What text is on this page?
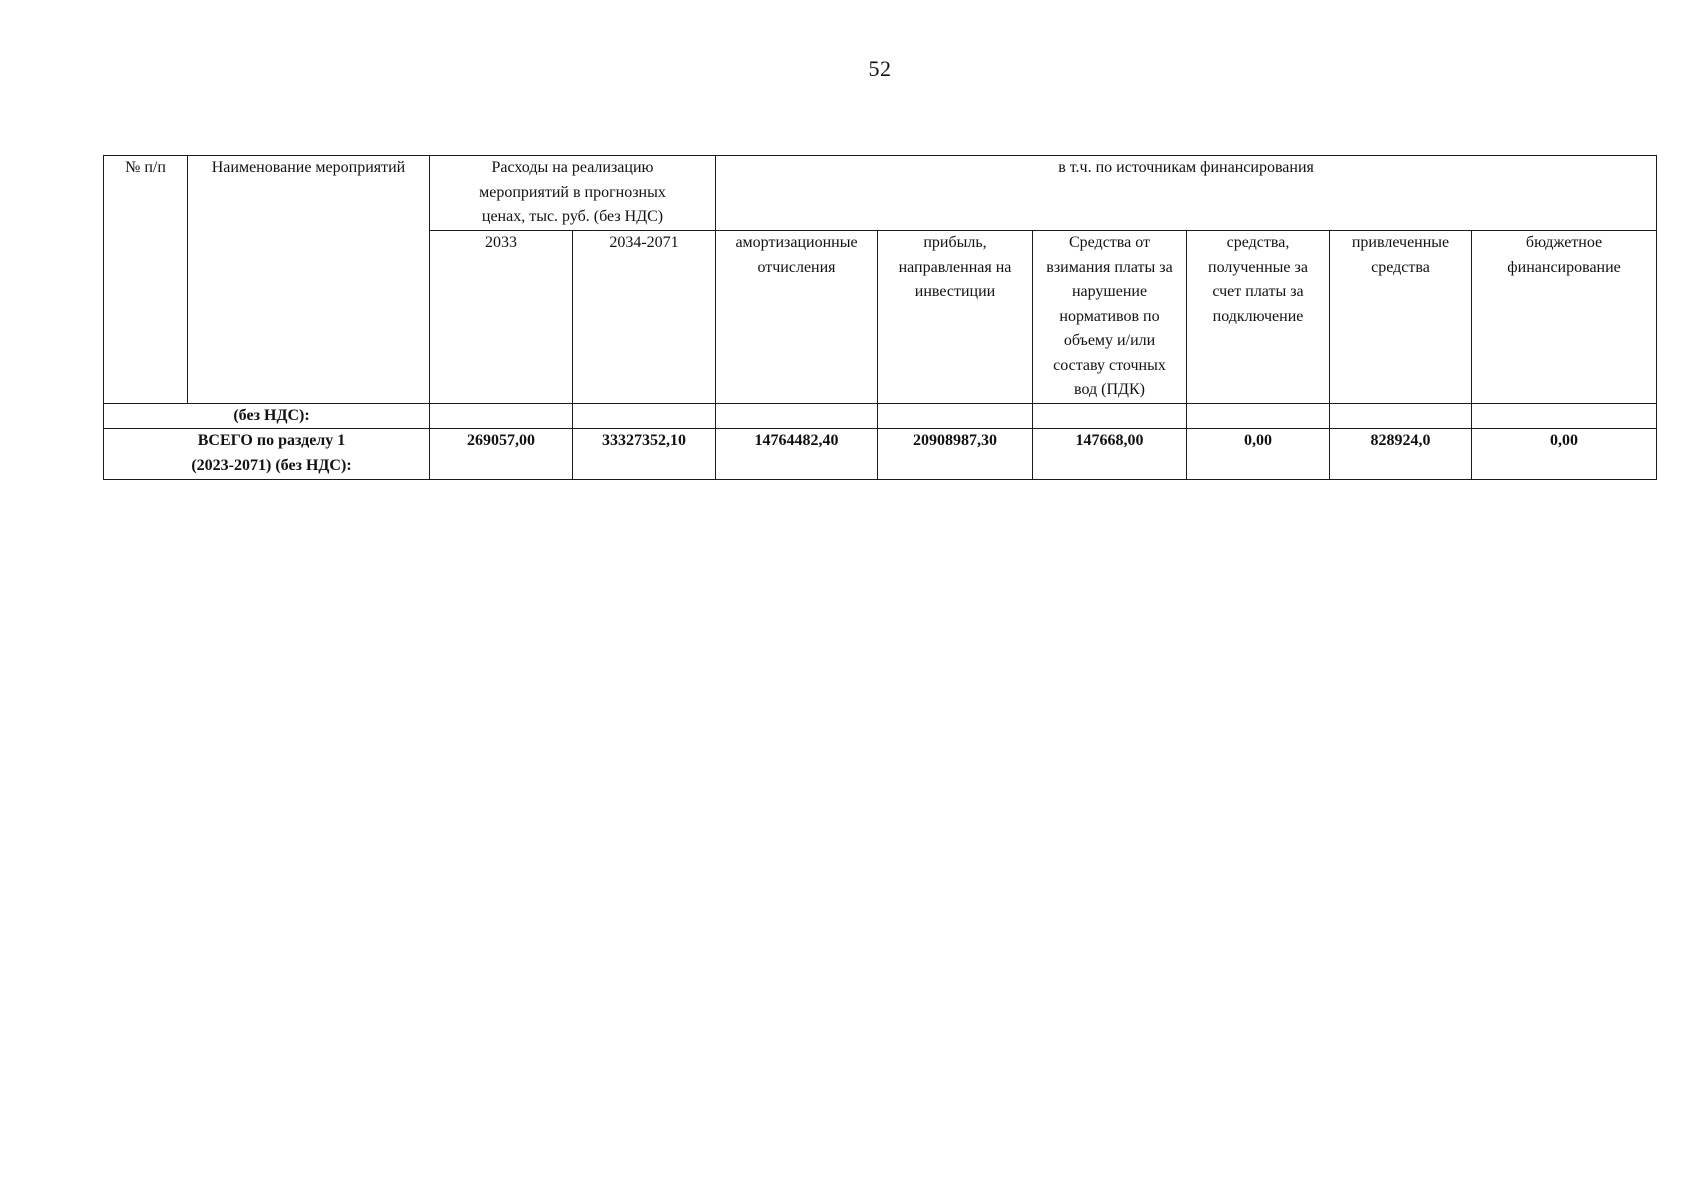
52
№ п/п	Наименование мероприятий	Расходы на реализацию мероприятий в прогнозных ценах, тыс. руб. (без НДС)		в т.ч. по источникам финансирования					
		2033	2034-2071	амортизационные отчисления	прибыль, направленная на инвестиции	Средства от взимания платы за нарушение нормативов по объему и/или составу сточных вод (ПДК)	средства, полученные за счет платы за подключение	привлеченные средства	бюджетное финансирование
(без НДС):									

ВСЕГО по разделу 1
(2023-2071) (без НДС):		269057,00	33327352,10	14764482,40	20908987,30	147668,00	0,00	828924,0	0,00
